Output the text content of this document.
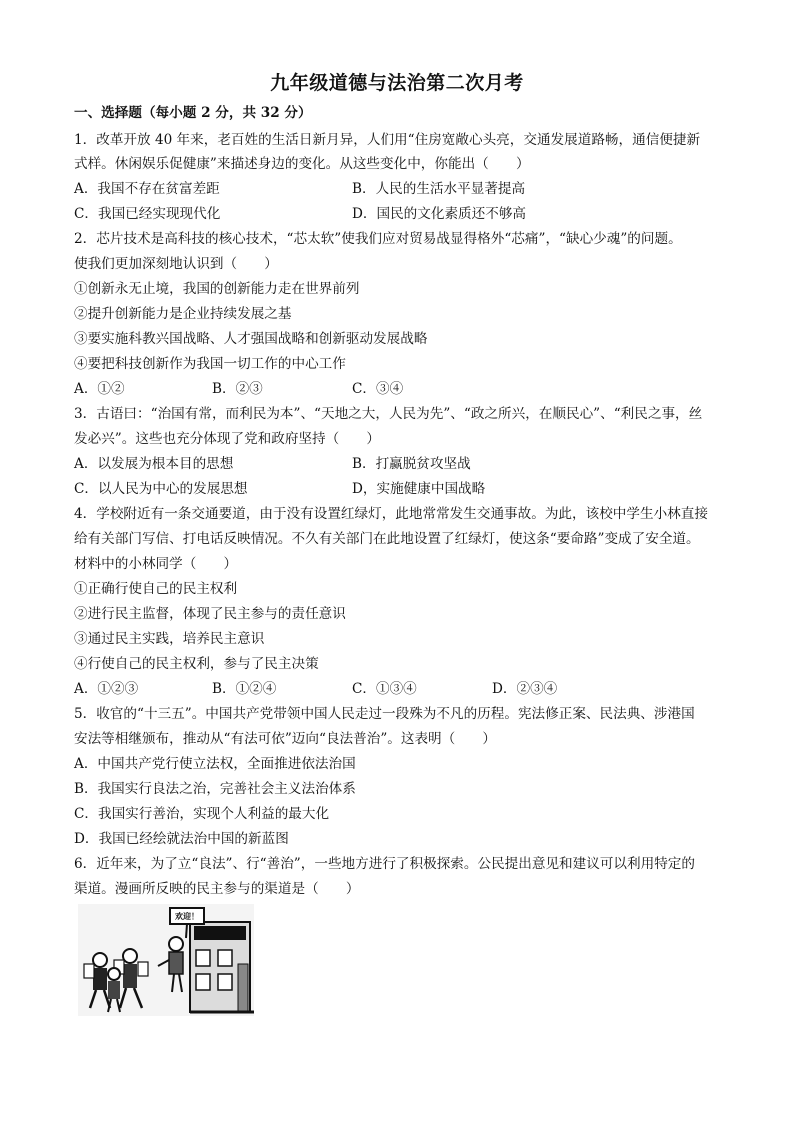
九年级道德与法治第二次月考
一、选择题（每小题 2 分，共 32 分）
1．改革开放 40 年来，老百姓的生活日新月异，人们用“住房宽敞心头亮，交通发展道路畅，通信便捷新
式样。休闲娱乐促健康”来描述身边的变化。从这些变化中，你能出（　　）
A．我国不存在贫富差距	B．人民的生活水平显著提高
C．我国已经实现现代化	D．国民的文化素质还不够高
2．芯片技术是高科技的核心技术，“芯太软”使我们应对贸易战显得格外“芯痛”，“缺心少魂”的问题。
使我们更加深刻地认识到（　　）
①创新永无止境，我国的创新能力走在世界前列
②提升创新能力是企业持续发展之基
③要实施科教兴国战略、人才强国战略和创新驱动发展战略
④要把科技创新作为我国一切工作的中心工作
A．①②	B．②③	C．③④
3．古语曰：“治国有常，而利民为本”、“天地之大，人民为先”、“政之所兴，在顺民心”、“利民之事，丝
发必兴”。这些也充分体现了党和政府坚持（　　）
A．以发展为根本目的思想	B．打赢脱贫攻坚战
C．以人民为中心的发展思想	D，实施健康中国战略
4．学校附近有一条交通要道，由于没有设置红绿灯，此地常常发生交通事故。为此，该校中学生小林直接
给有关部门写信、打电话反映情况。不久有关部门在此地设置了红绿灯，使这条“要命路”变成了安全道。
材料中的小林同学（　　）
①正确行使自己的民主权利
②进行民主监督，体现了民主参与的责任意识
③通过民主实践，培养民主意识
④行使自己的民主权利，参与了民主决策
A．①②③	B．①②④	C．①③④	D．②③④
5．收官的“十三五”。中国共产党带领中国人民走过一段殊为不凡的历程。宪法修正案、民法典、涉港国
安法等相继颁布，推动从“有法可依”迈向“良法普治”。这表明（　　）
A．中国共产党行使立法权，全面推进依法治国
B．我国实行良法之治，完善社会主义法治体系
C．我国实行善治，实现个人利益的最大化
D．我国已经绘就法治中国的新蓝图
6．近年来，为了立“良法”、行“善治”，一些地方进行了积极探索。公民提出意见和建议可以利用特定的
渠道。漫画所反映的民主参与的渠道是（　　）
欢迎！
